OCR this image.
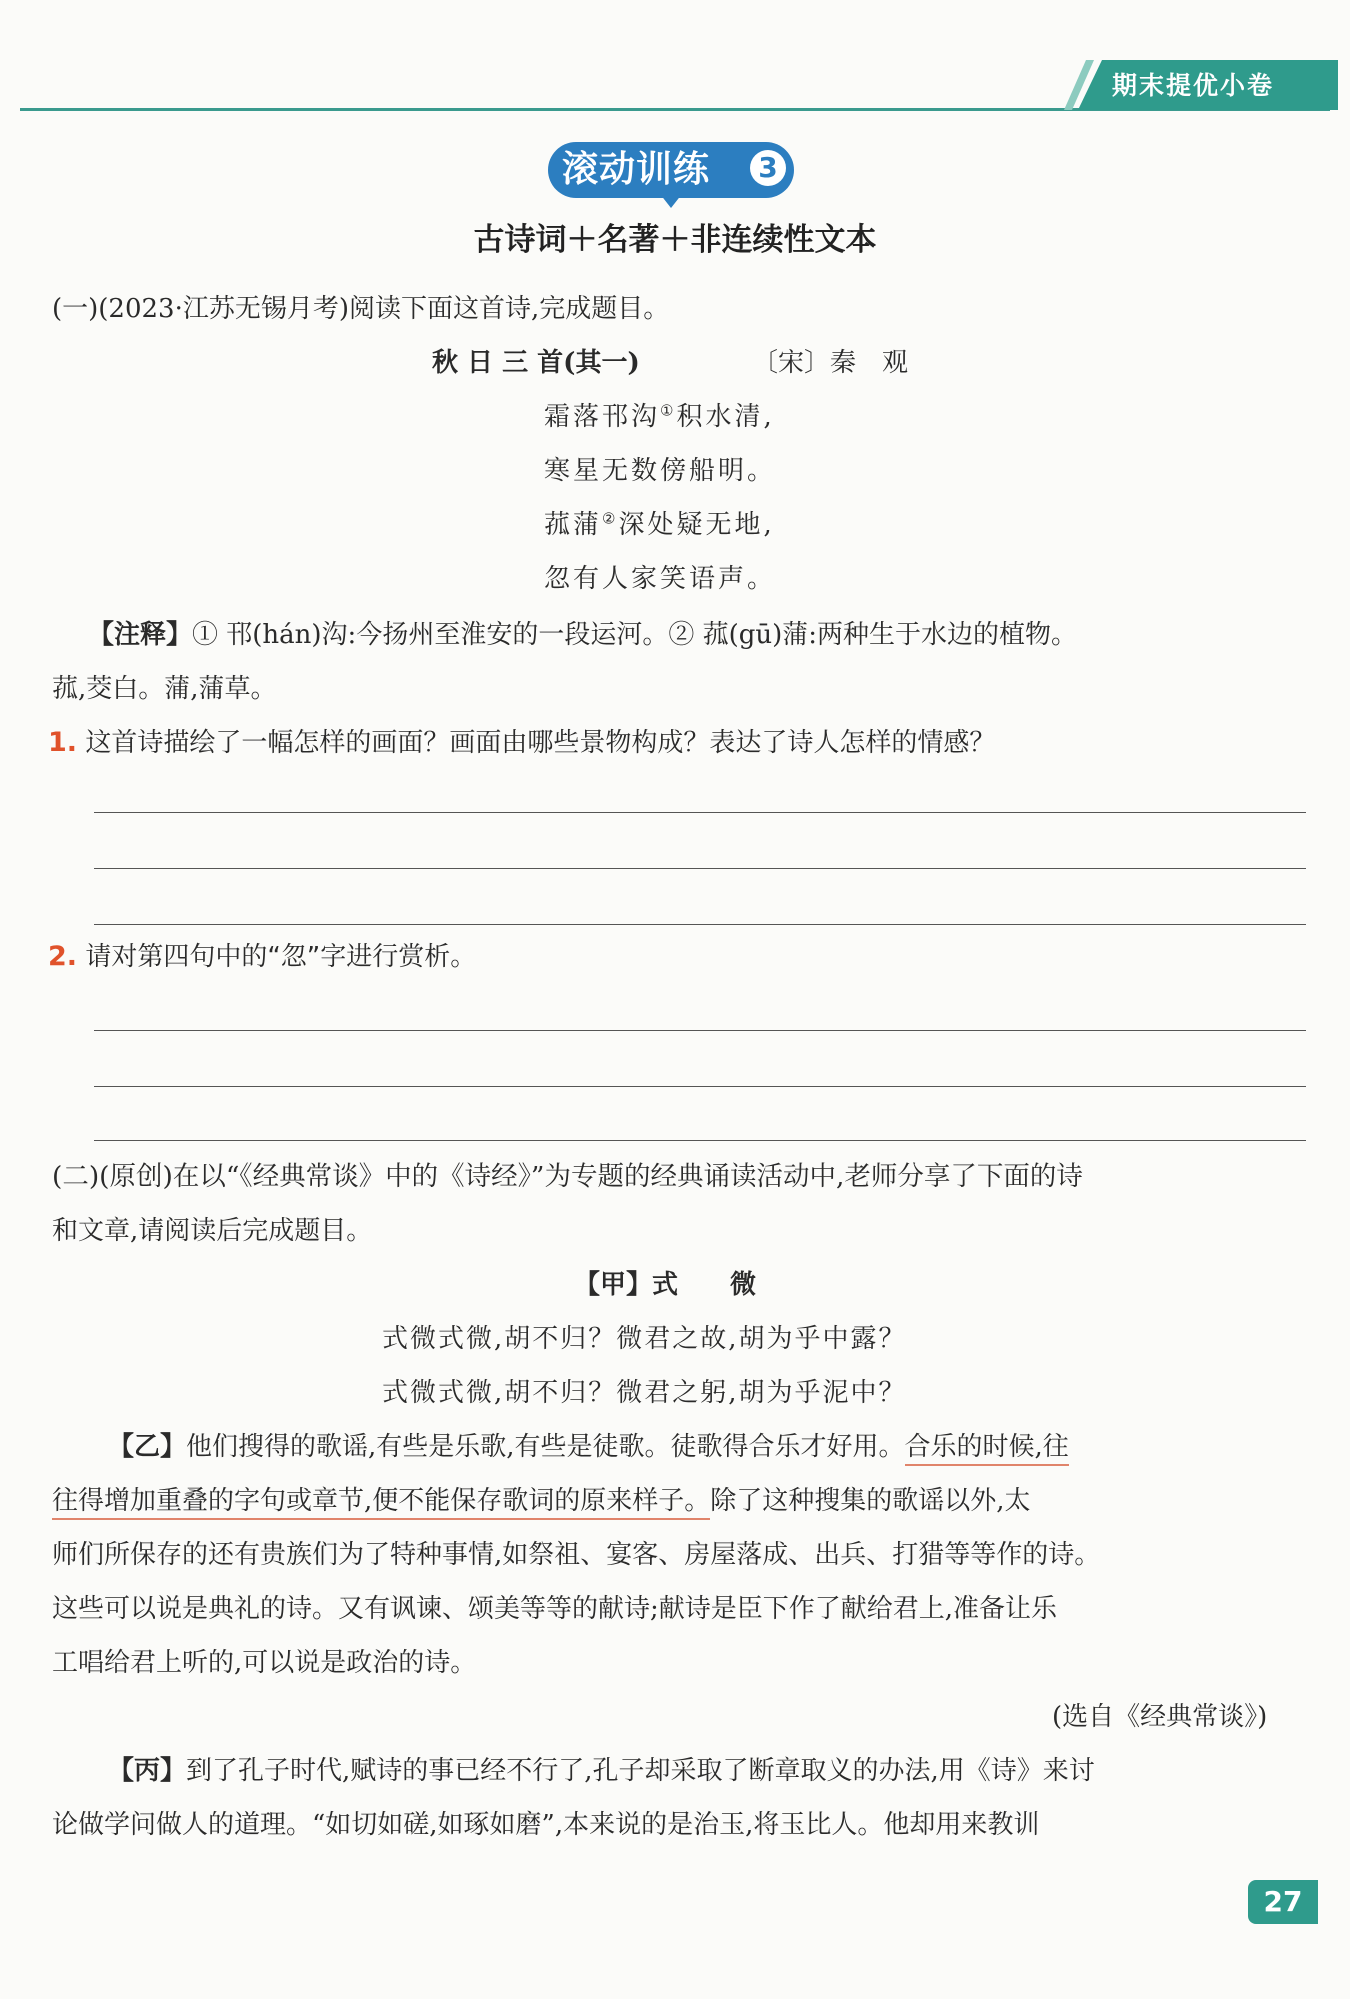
期末提优小卷
滚动训练 3
古诗词＋名著＋非连续性文本
(一)(2023·江苏无锡月考)阅读下面这首诗,完成题目。
秋 日 三 首(其一)	〔宋〕秦　观
霜落邗沟①积水清,
寒星无数傍船明。
菰蒲②深处疑无地,
忽有人家笑语声。
【注释】① 邗(hán)沟:今扬州至淮安的一段运河。② 菰(gū)蒲:两种生于水边的植物。
菰,茭白。蒲,蒲草。
1. 这首诗描绘了一幅怎样的画面？画面由哪些景物构成？表达了诗人怎样的情感？
2. 请对第四句中的“忽”字进行赏析。
(二)(原创)在以“《经典常谈》中的《诗经》”为专题的经典诵读活动中,老师分享了下面的诗
和文章,请阅读后完成题目。
【甲】式　　微
式微式微,胡不归？微君之故,胡为乎中露？
式微式微,胡不归？微君之躬,胡为乎泥中？
【乙】他们搜得的歌谣,有些是乐歌,有些是徒歌。徒歌得合乐才好用。合乐的时候,往
往得增加重叠的字句或章节,便不能保存歌词的原来样子。除了这种搜集的歌谣以外,太
师们所保存的还有贵族们为了特种事情,如祭祖、宴客、房屋落成、出兵、打猎等等作的诗。
这些可以说是典礼的诗。又有讽谏、颂美等等的献诗;献诗是臣下作了献给君上,准备让乐
工唱给君上听的,可以说是政治的诗。
(选自《经典常谈》)
【丙】到了孔子时代,赋诗的事已经不行了,孔子却采取了断章取义的办法,用《诗》来讨
论做学问做人的道理。“如切如磋,如琢如磨”,本来说的是治玉,将玉比人。他却用来教训
27
